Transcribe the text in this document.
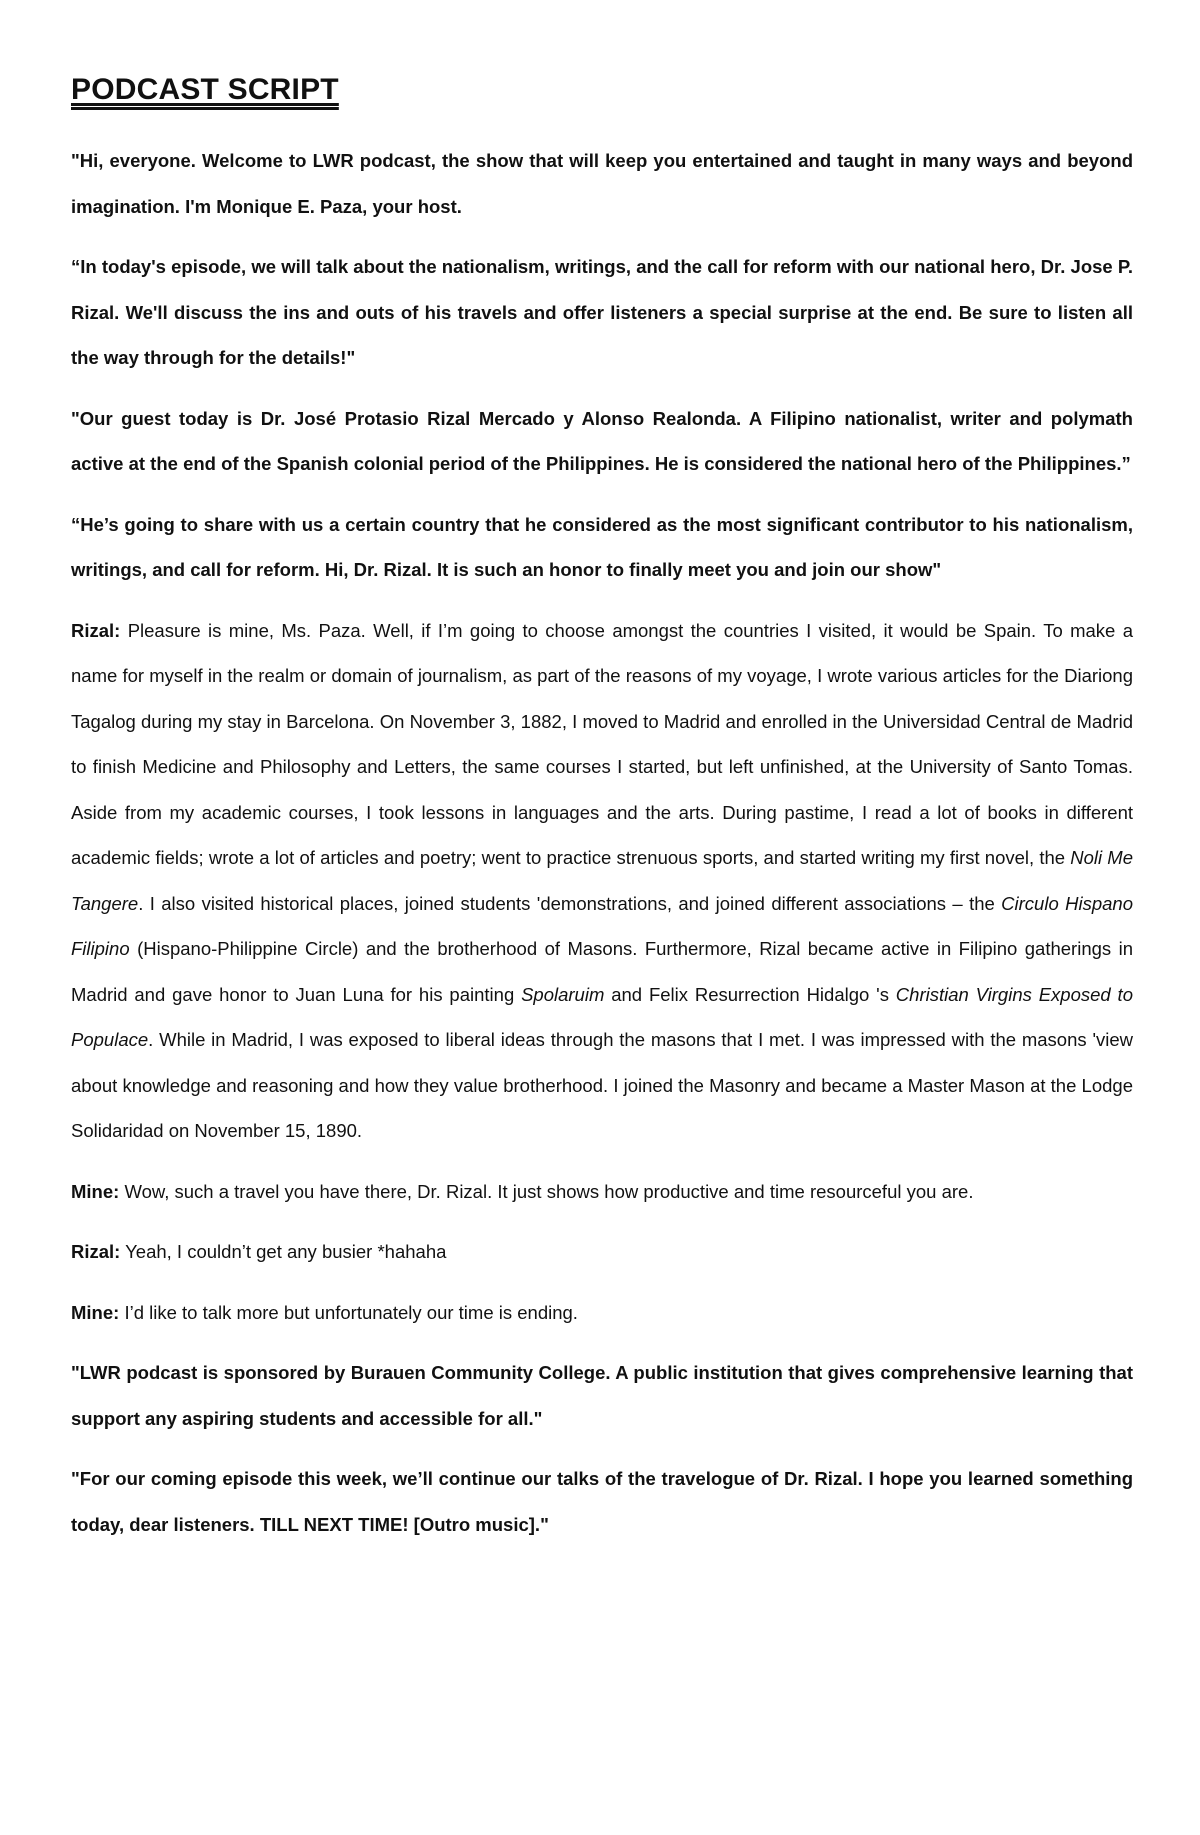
PODCAST SCRIPT

"Hi, everyone. Welcome to LWR podcast, the show that will keep you entertained and taught in many ways and beyond imagination. I'm Monique E. Paza, your host.

“In today's episode, we will talk about the nationalism, writings, and the call for reform with our national hero, Dr. Jose P. Rizal. We'll discuss the ins and outs of his travels and offer listeners a special surprise at the end. Be sure to listen all the way through for the details!"

"Our guest today is Dr. José Protasio Rizal Mercado y Alonso Realonda. A Filipino nationalist, writer and polymath active at the end of the Spanish colonial period of the Philippines. He is considered the national hero of the Philippines.”

“He’s going to share with us a certain country that he considered as the most significant contributor to his nationalism, writings, and call for reform. Hi, Dr. Rizal. It is such an honor to finally meet you and join our show"

Rizal: Pleasure is mine, Ms. Paza. Well, if I’m going to choose amongst the countries I visited, it would be Spain. To make a name for myself in the realm or domain of journalism, as part of the reasons of my voyage, I wrote various articles for the Diariong Tagalog during my stay in Barcelona. On November 3, 1882, I moved to Madrid and enrolled in the Universidad Central de Madrid to finish Medicine and Philosophy and Letters, the same courses I started, but left unfinished, at the University of Santo Tomas. Aside from my academic courses, I took lessons in languages and the arts. During pastime, I read a lot of books in different academic fields; wrote a lot of articles and poetry; went to practice strenuous sports, and started writing my first novel, the Noli Me Tangere. I also visited historical places, joined students 'demonstrations, and joined different associations – the Circulo Hispano Filipino (Hispano-Philippine Circle) and the brotherhood of Masons. Furthermore, Rizal became active in Filipino gatherings in Madrid and gave honor to Juan Luna for his painting Spolaruim and Felix Resurrection Hidalgo 's Christian Virgins Exposed to Populace. While in Madrid, I was exposed to liberal ideas through the masons that I met. I was impressed with the masons 'view about knowledge and reasoning and how they value brotherhood. I joined the Masonry and became a Master Mason at the Lodge Solidaridad on November 15, 1890.

Mine: Wow, such a travel you have there, Dr. Rizal. It just shows how productive and time resourceful you are.

Rizal: Yeah, I couldn’t get any busier *hahaha

Mine: I’d like to talk more but unfortunately our time is ending.

"LWR podcast is sponsored by Burauen Community College. A public institution that gives comprehensive learning that support any aspiring students and accessible for all."

"For our coming episode this week, we’ll continue our talks of the travelogue of Dr. Rizal. I hope you learned something today, dear listeners. TILL NEXT TIME! [Outro music]."
